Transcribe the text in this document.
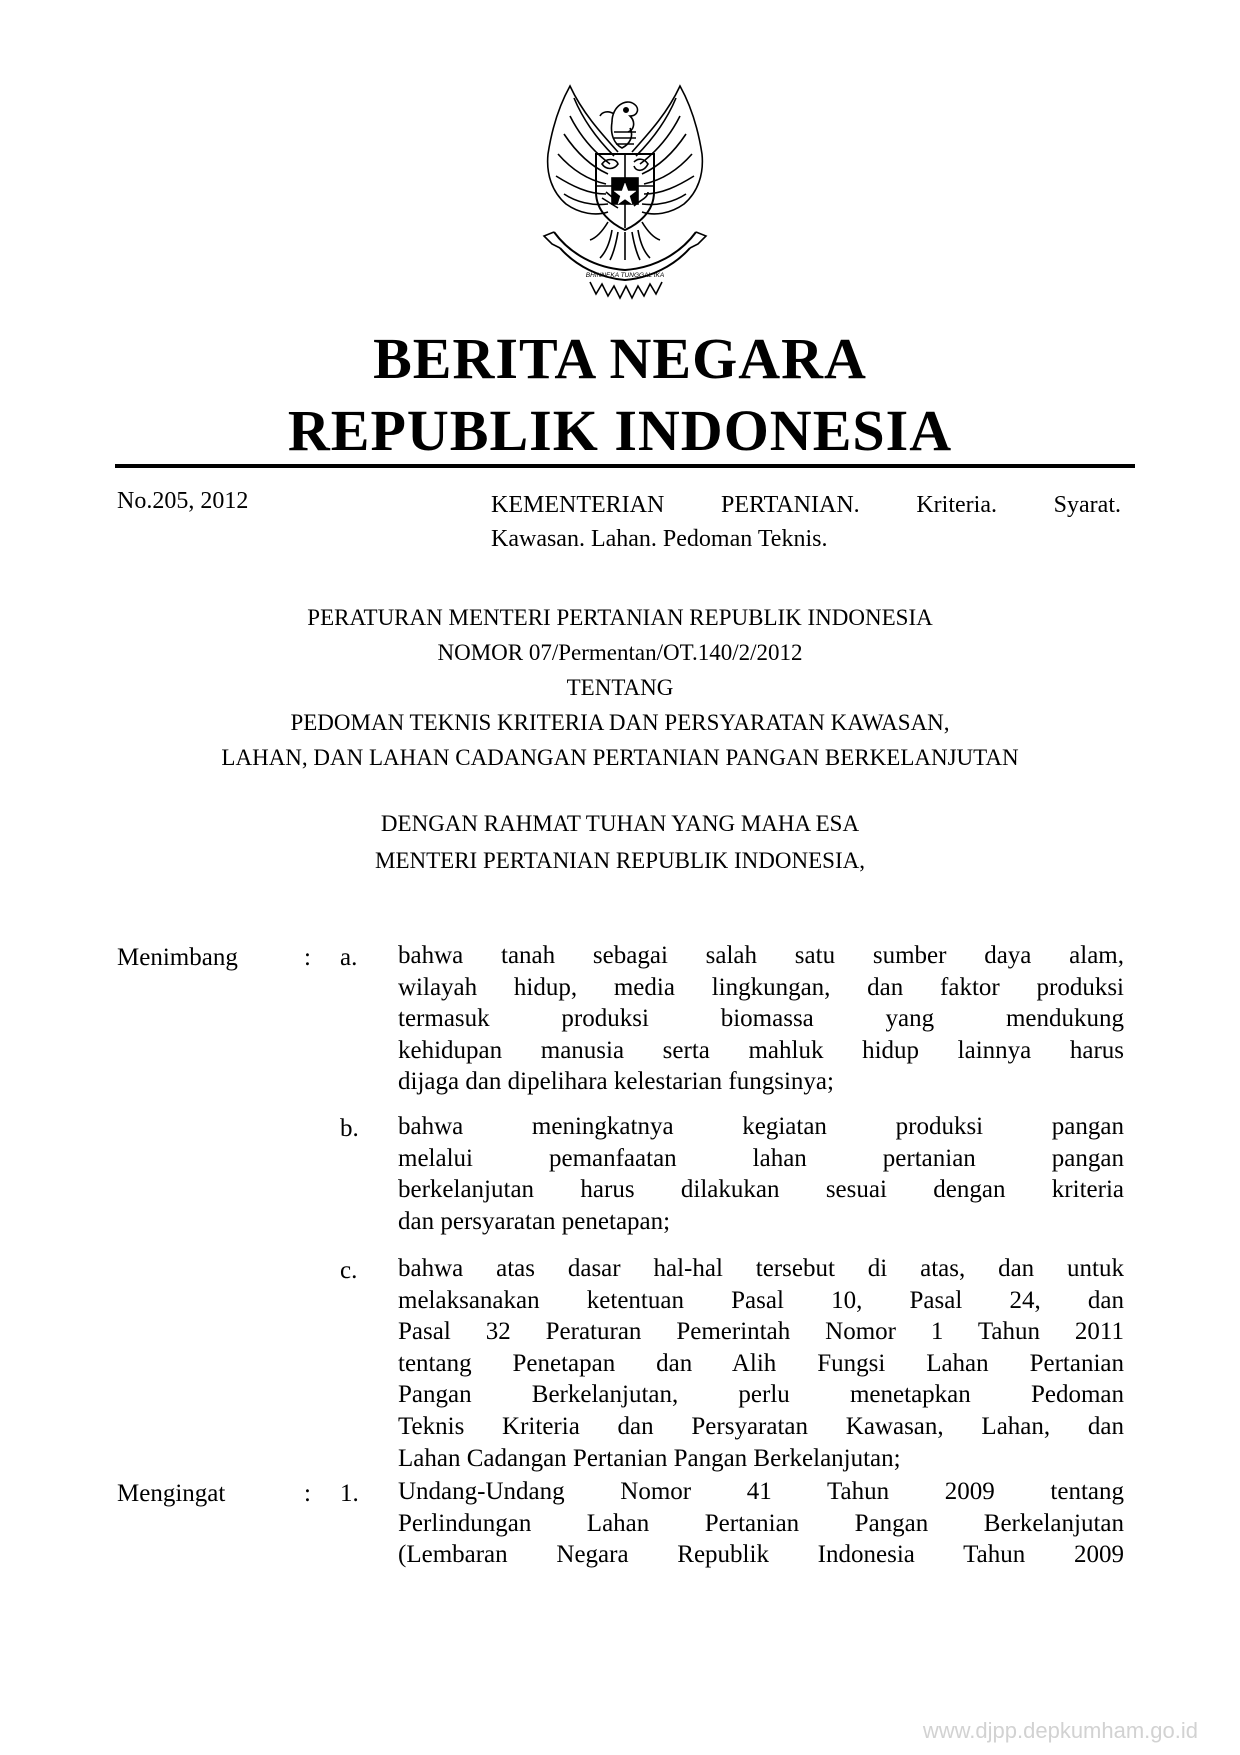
BHINNEKA TUNGGAL IKA
BERITA NEGARA
REPUBLIK INDONESIA
No.205, 2012	KEMENTERIAN PERTANIAN. Kriteria. Syarat.
Kawasan. Lahan. Pedoman Teknis.
PERATURAN MENTERI PERTANIAN REPUBLIK INDONESIA
NOMOR 07/Permentan/OT.140/2/2012
TENTANG
PEDOMAN TEKNIS KRITERIA DAN PERSYARATAN KAWASAN,
LAHAN, DAN LAHAN CADANGAN PERTANIAN PANGAN BERKELANJUTAN
DENGAN RAHMAT TUHAN YANG MAHA ESA
MENTERI PERTANIAN REPUBLIK INDONESIA,
Menimbang	: a. bahwa tanah sebagai salah satu sumber daya alam,
wilayah hidup, media lingkungan, dan faktor produksi
termasuk produksi biomassa yang mendukung
kehidupan manusia serta mahluk hidup lainnya harus
dijaga dan dipelihara kelestarian fungsinya;
b. bahwa meningkatnya kegiatan produksi pangan
melalui pemanfaatan lahan pertanian pangan
berkelanjutan harus dilakukan sesuai dengan kriteria
dan persyaratan penetapan;
c. bahwa atas dasar hal-hal tersebut di atas, dan untuk
melaksanakan ketentuan Pasal 10, Pasal 24, dan
Pasal 32 Peraturan Pemerintah Nomor 1 Tahun 2011
tentang Penetapan dan Alih Fungsi Lahan Pertanian
Pangan Berkelanjutan, perlu menetapkan Pedoman
Teknis Kriteria dan Persyaratan Kawasan, Lahan, dan
Lahan Cadangan Pertanian Pangan Berkelanjutan;
Mengingat	: 1. Undang-Undang Nomor 41 Tahun 2009 tentang
Perlindungan Lahan Pertanian Pangan Berkelanjutan
(Lembaran Negara Republik Indonesia Tahun 2009
www.djpp.depkumham.go.id
